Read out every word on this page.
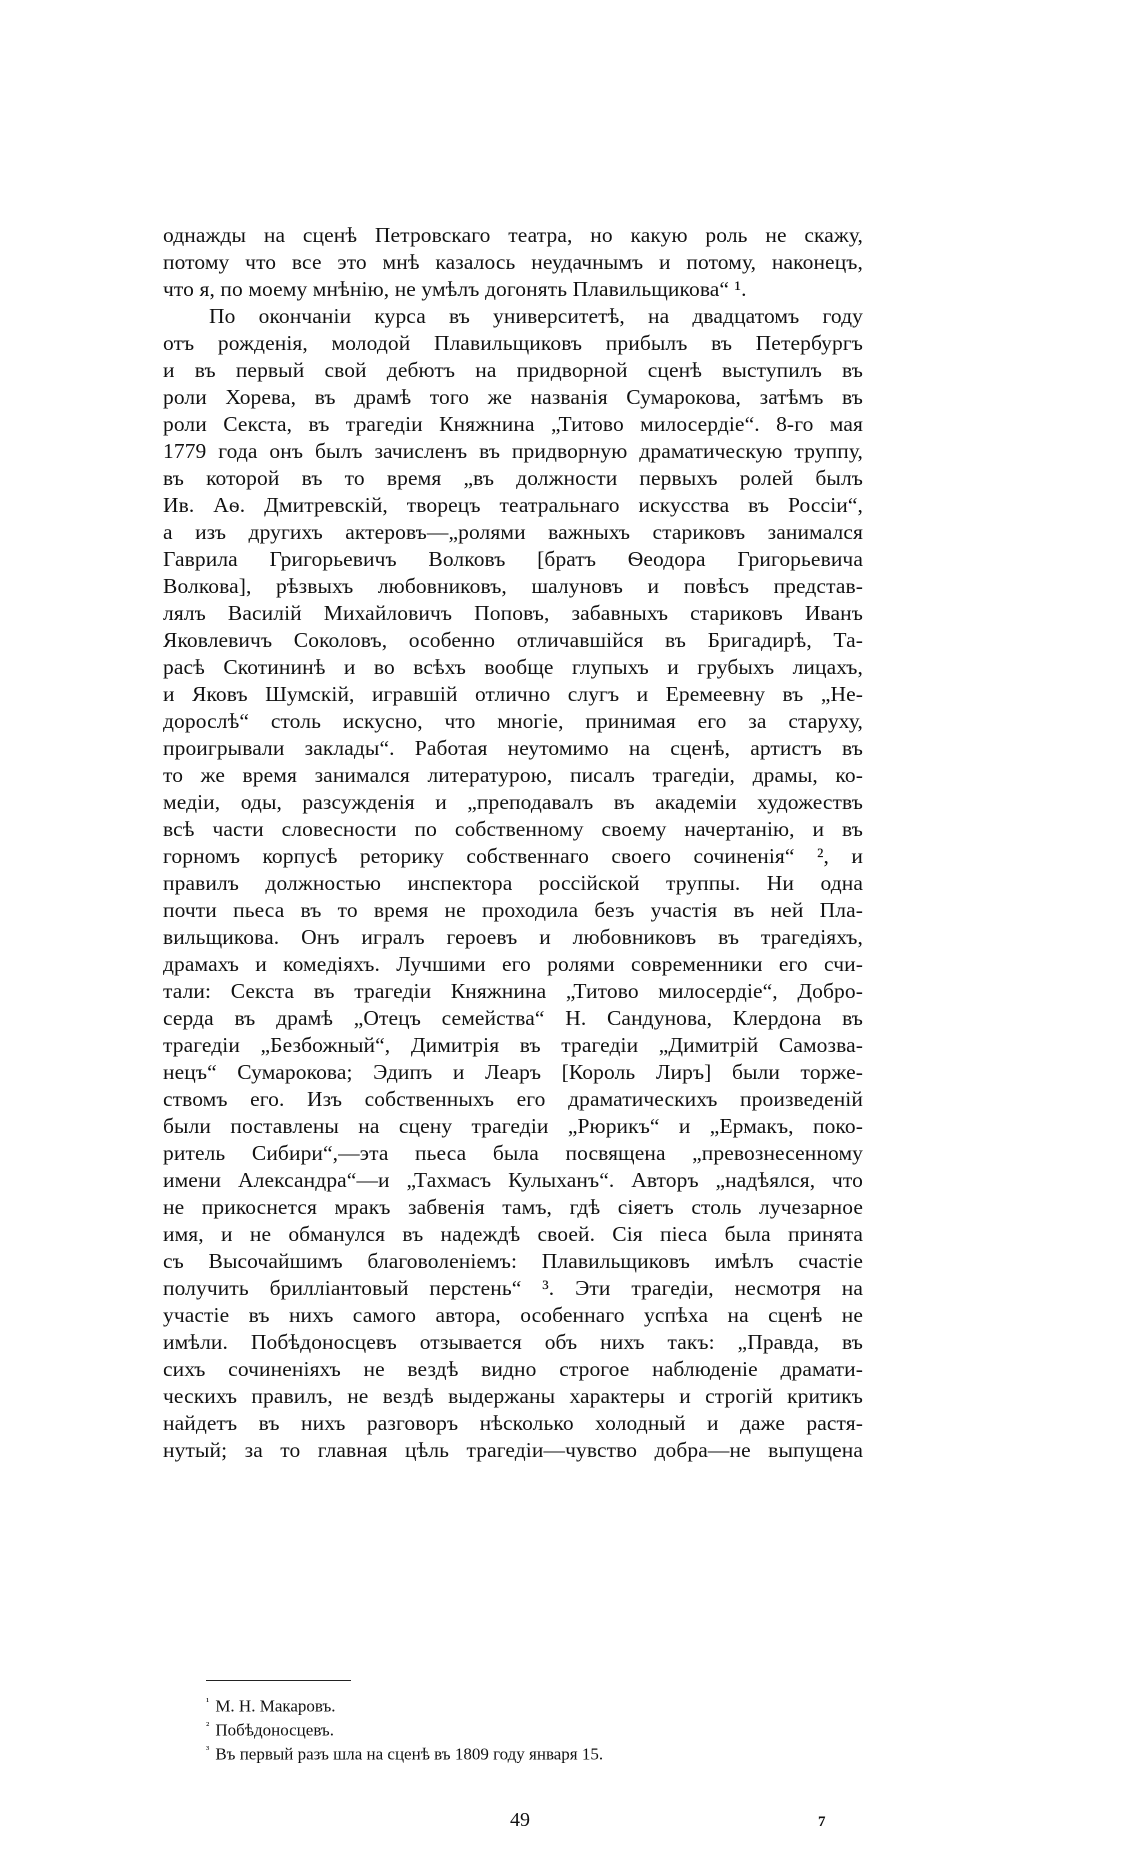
однажды на сценѣ Петровскаго театра, но какую роль не скажу,
потому что все это мнѣ казалось неудачнымъ и потому, наконецъ,
что я, по моему мнѣнію, не умѣлъ догонять Плавильщикова“ ¹.
По окончаніи курса въ университетѣ, на двадцатомъ году
отъ рожденія, молодой Плавильщиковъ прибылъ въ Петербургъ
и въ первый свой дебютъ на придворной сценѣ выступилъ въ
роли Хорева, въ драмѣ того же названія Сумарокова, затѣмъ въ
роли Секста, въ трагедіи Княжнина „Титово милосердіе“. 8-го мая
1779 года онъ былъ зачисленъ въ придворную драматическую труппу,
въ которой въ то время „въ должности первыхъ ролей былъ
Ив. Аѳ. Дмитревскій, творецъ театральнаго искусства въ Россіи“,
а изъ другихъ актеровъ—„ролями важныхъ стариковъ занимался
Гаврила Григорьевичъ Волковъ [братъ Ѳеодора Григорьевича
Волкова], рѣзвыхъ любовниковъ, шалуновъ и повѣсъ представ-
лялъ Василій Михайловичъ Поповъ, забавныхъ стариковъ Иванъ
Яковлевичъ Соколовъ, особенно отличавшійся въ Бригадирѣ, Та-
расѣ Скотининѣ и во всѣхъ вообще глупыхъ и грубыхъ лицахъ,
и Яковъ Шумскій, игравшій отлично слугъ и Еремеевну въ „Не-
дорослѣ“ столь искусно, что многіе, принимая его за старуху,
проигрывали заклады“. Работая неутомимо на сценѣ, артистъ въ
то же время занимался литературою, писалъ трагедіи, драмы, ко-
медіи, оды, разсужденія и „преподавалъ въ академіи художествъ
всѣ части словесности по собственному своему начертанію, и въ
горномъ корпусѣ реторику собственнаго своего сочиненія“ ², и
правилъ должностью инспектора россійской труппы. Ни одна
почти пьеса въ то время не проходила безъ участія въ ней Пла-
вильщикова. Онъ игралъ героевъ и любовниковъ въ трагедіяхъ,
драмахъ и комедіяхъ. Лучшими его ролями современники его счи-
тали: Секста въ трагедіи Княжнина „Титово милосердіе“, Добро-
серда въ драмѣ „Отецъ семейства“ Н. Сандунова, Клердона въ
трагедіи „Безбожный“, Димитрія въ трагедіи „Димитрій Самозва-
нецъ“ Сумарокова; Эдипъ и Леаръ [Король Лиръ] были торже-
ствомъ его. Изъ собственныхъ его драматическихъ произведеній
были поставлены на сцену трагедіи „Рюрикъ“ и „Ермакъ, поко-
ритель Сибири“,—эта пьеса была посвящена „превознесенному
имени Александра“—и „Тахмасъ Кулыханъ“. Авторъ „надѣялся, что
не прикоснется мракъ забвенія тамъ, гдѣ сіяетъ столь лучезарное
имя, и не обманулся въ надеждѣ своей. Сія піеса была принята
съ Высочайшимъ благоволеніемъ: Плавильщиковъ имѣлъ счастіе
получить брилліантовый перстень“ ³. Эти трагедіи, несмотря на
участіе въ нихъ самого автора, особеннаго успѣха на сценѣ не
имѣли. Побѣдоносцевъ отзывается объ нихъ такъ: „Правда, въ
сихъ сочиненіяхъ не вездѣ видно строгое наблюденіе драмати-
ческихъ правилъ, не вездѣ выдержаны характеры и строгій критикъ
найдетъ въ нихъ разговоръ нѣсколько холодный и даже растя-
нутый; за то главная цѣль трагедіи—чувство добра—не выпущена
$^{^1}$ М. Н. Макаровъ.
$^{^2}$ Побѣдоносцевъ.
$^{^3}$ Въ первый разъ шла на сценѣ въ 1809 году января 15.
49	7
